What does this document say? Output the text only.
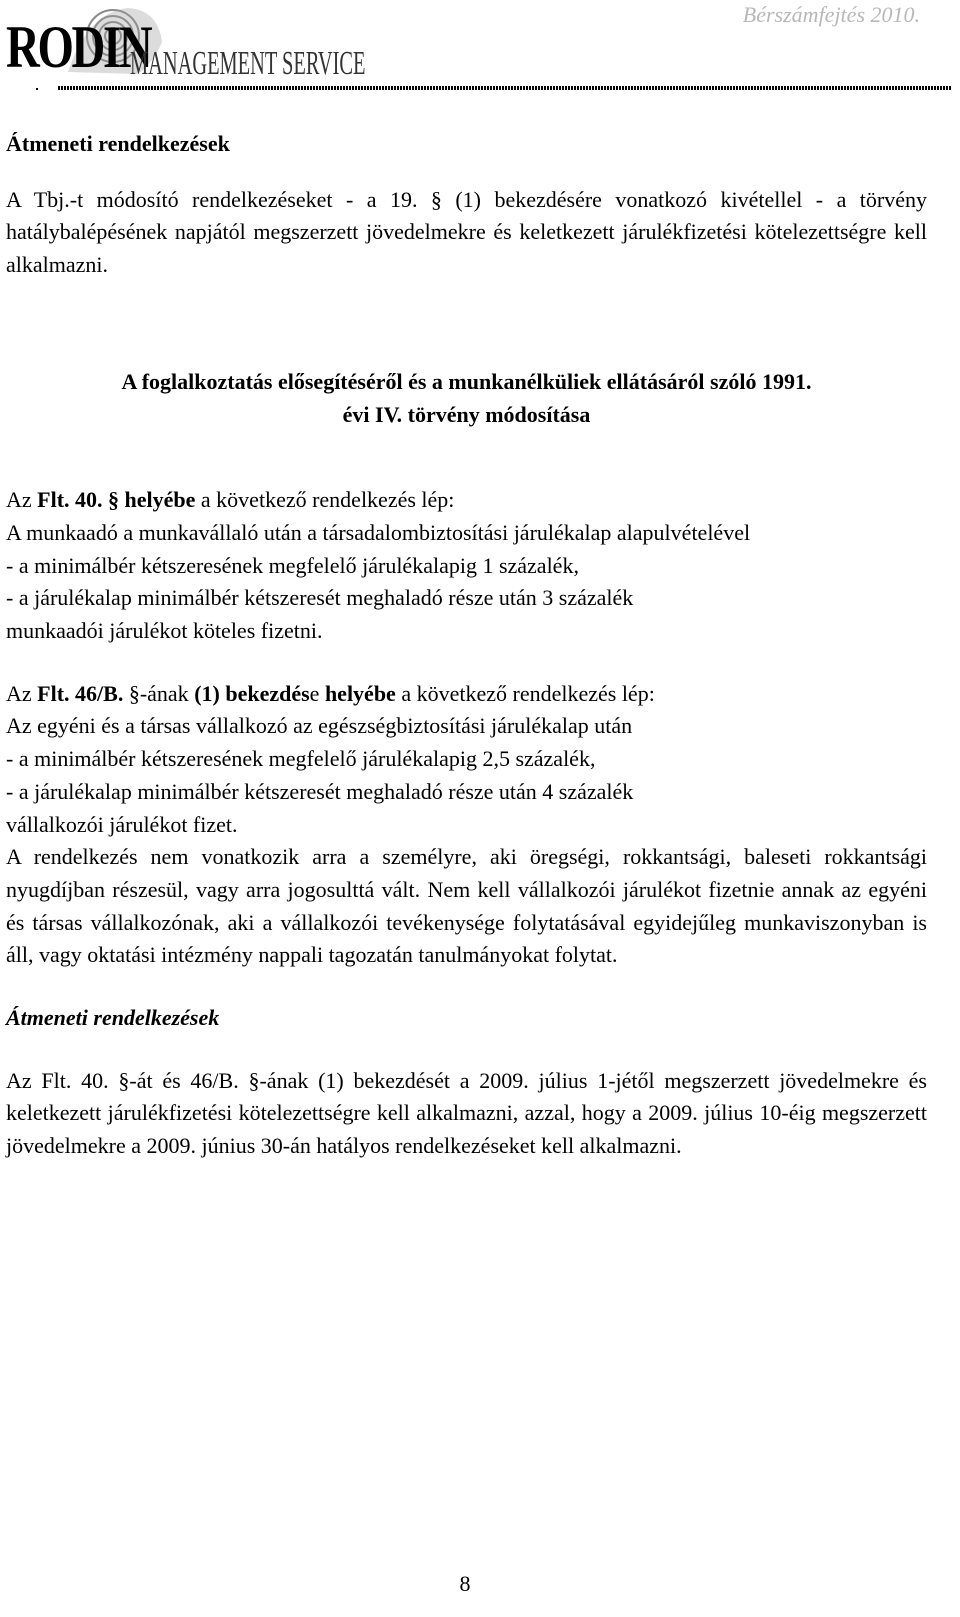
RODIN
MANAGEMENT SERVICE
Bérszámfejtés 2010.

Átmeneti rendelkezések

A Tbj.-t módosító rendelkezéseket - a 19. § (1) bekezdésére vonatkozó kivétellel - a törvény hatálybalépésének napjától megszerzett jövedelmekre és keletkezett járulékfizetési kötelezettségre kell alkalmazni.

A foglalkoztatás elősegítéséről és a munkanélküliek ellátásáról szóló 1991.

évi IV. törvény módosítása

Az Flt. 40. § helyébe a következő rendelkezés lép:

A munkaadó a munkavállaló után a társadalombiztosítási járulékalap alapulvételével

- a minimálbér kétszeresének megfelelő járulékalapig 1 százalék,

- a járulékalap minimálbér kétszeresét meghaladó része után 3 százalék

munkaadói járulékot köteles fizetni.

Az Flt. 46/B. §-ának (1) bekezdése helyébe a következő rendelkezés lép:

Az egyéni és a társas vállalkozó az egészségbiztosítási járulékalap után

- a minimálbér kétszeresének megfelelő járulékalapig 2,5 százalék,

- a járulékalap minimálbér kétszeresét meghaladó része után 4 százalék

vállalkozói járulékot fizet.

A rendelkezés nem vonatkozik arra a személyre, aki öregségi, rokkantsági, baleseti rokkantsági nyugdíjban részesül, vagy arra jogosulttá vált. Nem kell vállalkozói járulékot fizetnie annak az egyéni és társas vállalkozónak, aki a vállalkozói tevékenysége folytatásával egyidejűleg munkaviszonyban is áll, vagy oktatási intézmény nappali tagozatán tanulmányokat folytat.

Átmeneti rendelkezések

Az Flt. 40. §-át és 46/B. §-ának (1) bekezdését a 2009. július 1-jétől megszerzett jövedelmekre és keletkezett járulékfizetési kötelezettségre kell alkalmazni, azzal, hogy a 2009. július 10-éig megszerzett jövedelmekre a 2009. június 30-án hatályos rendelkezéseket kell alkalmazni.

8
